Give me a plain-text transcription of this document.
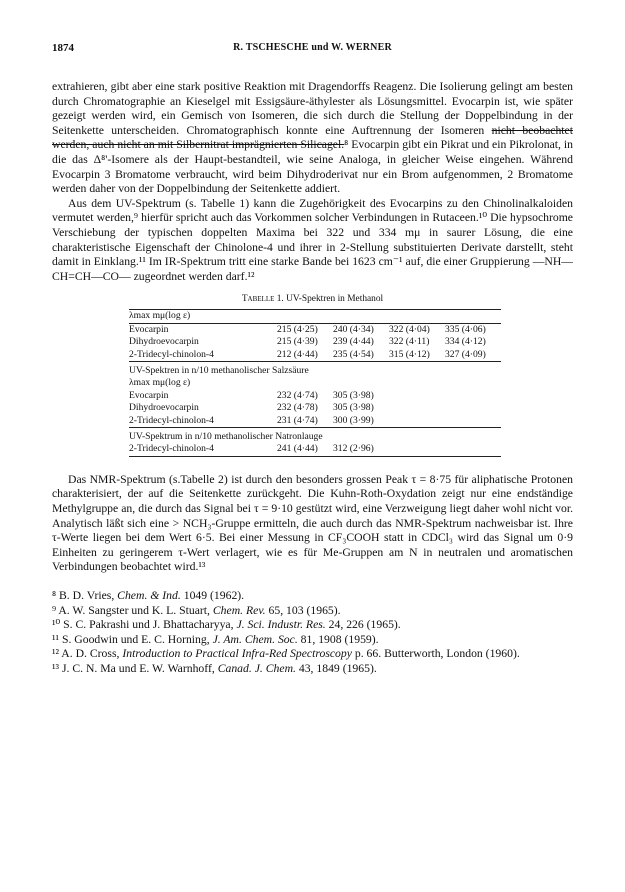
1874	R. TSCHESCHE und W. WERNER

extrahieren, gibt aber eine stark positive Reaktion mit Dragendorffs Reagenz. Die Isolierung gelingt am besten durch Chromatographie an Kieselgel mit Essigsäure-äthylester als Lösungsmittel. Evocarpin ist, wie später gezeigt werden wird, ein Gemisch von Isomeren, die sich durch die Stellung der Doppelbindung in der Seitenkette unterscheiden. Chromatographisch konnte eine Auftrennung der Isomeren nicht beobachtet werden, auch nicht an mit Silbernitrat imprägnierten Silicagel.⁸ Evocarpin gibt ein Pikrat und ein Pikrolonat, in die das Δ⁸'-Isomere als der Haupt-bestandteil, wie seine Analoga, in gleicher Weise eingehen. Während Evocarpin 3 Bromatome verbraucht, wird beim Dihydroderivat nur ein Brom aufgenommen, 2 Bromatome werden daher von der Doppelbindung der Seitenkette addiert.

Aus dem UV-Spektrum (s. Tabelle 1) kann die Zugehörigkeit des Evocarpins zu den Chinolinalkaloiden vermutet werden,⁹ hierfür spricht auch das Vorkommen solcher Verbindungen in Rutaceen.¹⁰ Die hypsochrome Verschiebung der typischen doppelten Maxima bei 322 und 334 mμ in saurer Lösung, die eine charakteristische Eigenschaft der Chinolone-4 und ihrer in 2-Stellung substituierten Derivate darstellt, steht damit in Einklang.¹¹ Im IR-Spektrum tritt eine starke Bande bei 1623 cm⁻¹ auf, die einer Gruppierung —NH—CH=CH—CO— zugeordnet werden darf.¹²

Tabelle 1. UV-Spektren in Methanol

λmax mμ(log ε)				

Evocarpin	215 (4·25)	240 (4·34)	322 (4·04)	335 (4·06)
Dihydroevocarpin	215 (4·39)	239 (4·44)	322 (4·11)	334 (4·12)
2-Tridecyl-chinolon-4	212 (4·44)	235 (4·54)	315 (4·12)	327 (4·09)

UV-Spektren in n/10 methanolischer Salzsäure				
λmax mμ(log ε)				
Evocarpin	232 (4·74)	305 (3·98)		
Dihydroevocarpin	232 (4·78)	305 (3·98)		
2-Tridecyl-chinolon-4	231 (4·74)	300 (3·99)		

UV-Spektrum in n/10 methanolischer Natronlauge				
2-Tridecyl-chinolon-4	241 (4·44)	312 (2·96)		

Das NMR-Spektrum (s.Tabelle 2) ist durch den besonders grossen Peak τ = 8·75 für aliphatische Protonen charakterisiert, der auf die Seitenkette zurückgeht. Die Kuhn-Roth-Oxydation zeigt nur eine endständige Methylgruppe an, die durch das Signal bei τ = 9·10 gestützt wird, eine Verzweigung liegt daher wohl nicht vor. Analytisch läßt sich eine > NCH₃-Gruppe ermitteln, die auch durch das NMR-Spektrum nachweisbar ist. Ihre τ-Werte liegen bei dem Wert 6·5. Bei einer Messung in CF₃COOH statt in CDCl₃ wird das Signal um 0·9 Einheiten zu geringerem τ-Wert verlagert, wie es für Me-Gruppen am N in neutralen und aromatischen Verbindungen beobachtet wird.¹³

⁸ B. D. Vries, Chem. & Ind. 1049 (1962).

⁹ A. W. Sangster und K. L. Stuart, Chem. Rev. 65, 103 (1965).

¹⁰ S. C. Pakrashi und J. Bhattacharyya, J. Sci. Industr. Res. 24, 226 (1965).

¹¹ S. Goodwin und E. C. Horning, J. Am. Chem. Soc. 81, 1908 (1959).

¹² A. D. Cross, Introduction to Practical Infra-Red Spectroscopy p. 66. Butterworth, London (1960).

¹³ J. C. N. Ma und E. W. Warnhoff, Canad. J. Chem. 43, 1849 (1965).
